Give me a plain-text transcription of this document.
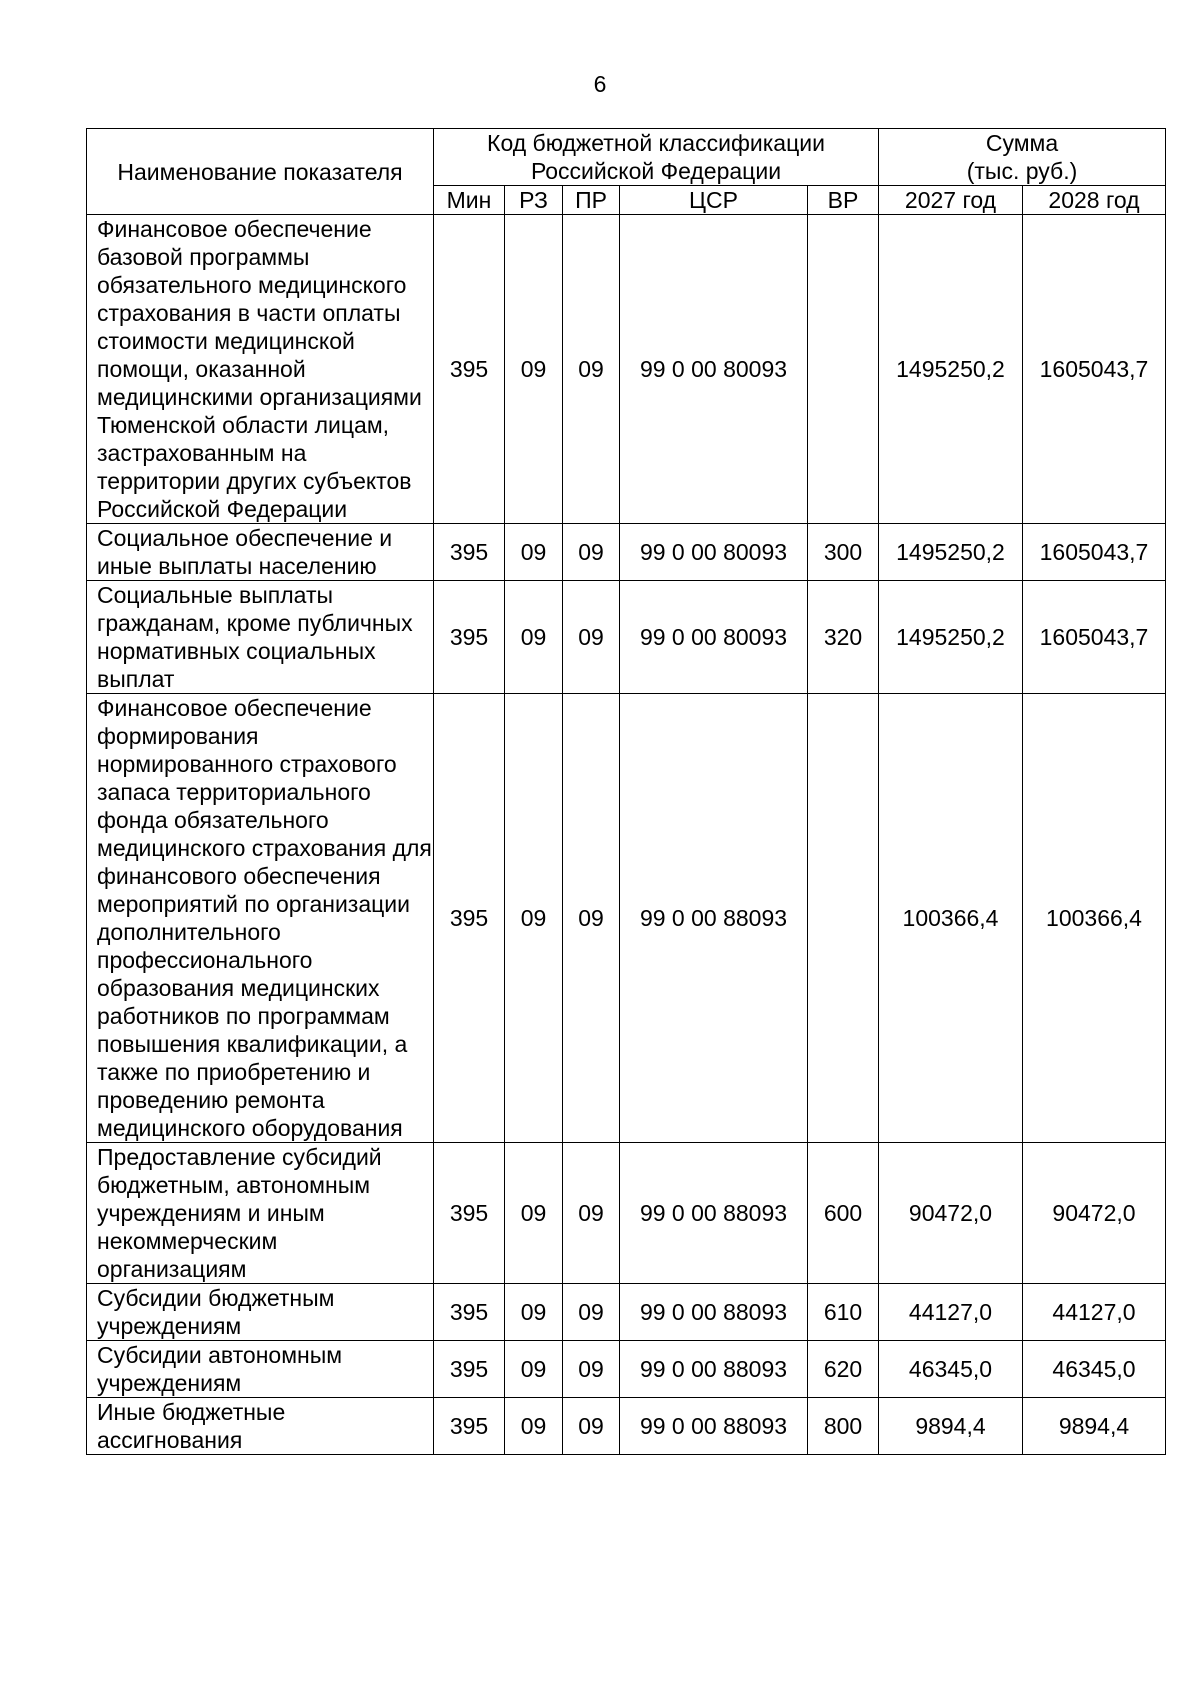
6
Наименование показателя	Код бюджетной классификации Российской Федерации					Сумма
(тыс. руб.)	
	Мин	РЗ	ПР	ЦСР	ВР	2027 год	2028 год
Финансовое обеспечение базовой программы обязательного медицинского страхования в части оплаты стоимости медицинской помощи, оказанной медицинскими организациями Тюменской области лицам, застрахованным на территории других субъектов Российской Федерации	395	09	09	99 0 00 80093		1495250,2	1605043,7
Социальное обеспечение и иные выплаты населению	395	09	09	99 0 00 80093	300	1495250,2	1605043,7
Социальные выплаты гражданам, кроме публичных нормативных социальных выплат	395	09	09	99 0 00 80093	320	1495250,2	1605043,7
Финансовое обеспечение формирования нормированного страхового запаса территориального фонда обязательного медицинского страхования для финансового обеспечения мероприятий по организации дополнительного профессионального образования медицинских работников по программам повышения квалификации, а также по приобретению и проведению ремонта медицинского оборудования	395	09	09	99 0 00 88093		100366,4	100366,4
Предоставление субсидий бюджетным, автономным учреждениям и иным некоммерческим организациям	395	09	09	99 0 00 88093	600	90472,0	90472,0
Субсидии бюджетным учреждениям	395	09	09	99 0 00 88093	610	44127,0	44127,0
Субсидии автономным учреждениям	395	09	09	99 0 00 88093	620	46345,0	46345,0
Иные бюджетные ассигнования	395	09	09	99 0 00 88093	800	9894,4	9894,4
